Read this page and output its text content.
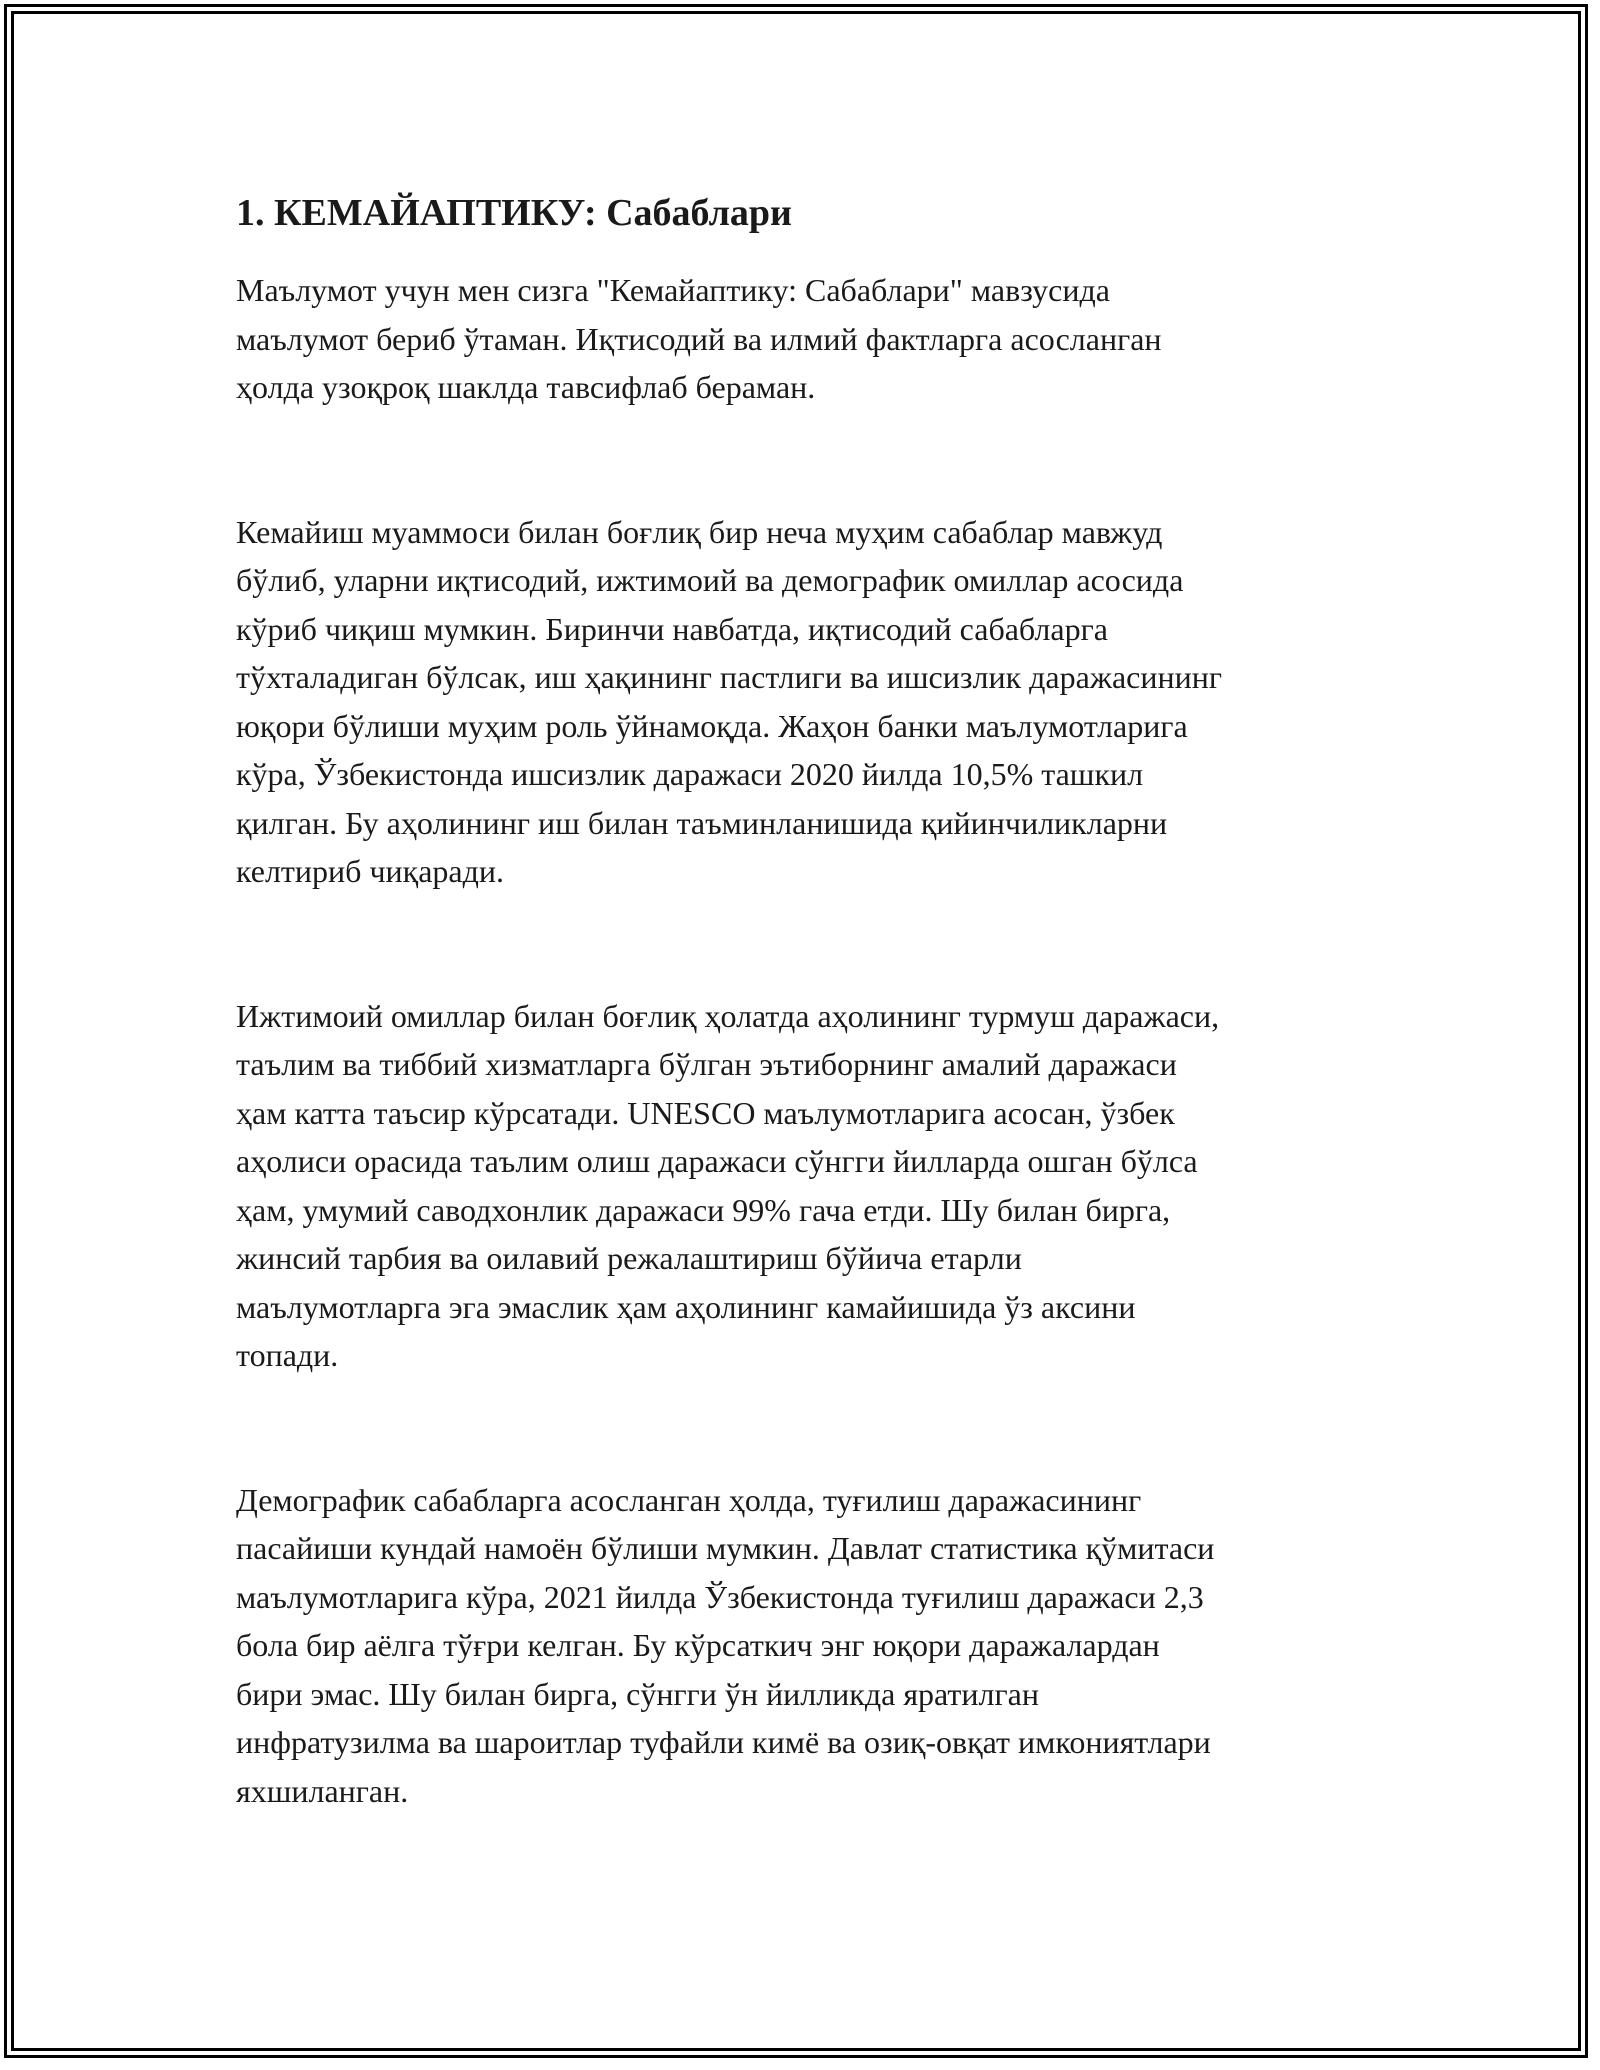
1. КЕМАЙАПТИКУ: Сабаблари

Маълумот учун мен сизга "Кемайаптику: Сабаблари" мавзусида
маълумот бериб ўтаман. Иқтисодий ва илмий фактларга асосланган
ҳолда узоқроқ шаклда тавсифлаб бераман.

Кемайиш муаммоси билан боғлиқ бир неча муҳим сабаблар мавжуд
бўлиб, уларни иқтисодий, ижтимоий ва демографик омиллар асосида
кўриб чиқиш мумкин. Биринчи навбатда, иқтисодий сабабларга
тўхталадиган бўлсак, иш ҳақининг пастлиги ва ишсизлик даражасининг
юқори бўлиши муҳим роль ўйнамоқда. Жаҳон банки маълумотларига
кўра, Ўзбекистонда ишсизлик даражаси 2020 йилда 10,5% ташкил
қилган. Бу аҳолининг иш билан таъминланишида қийинчиликларни
келтириб чиқаради.

Ижтимоий омиллар билан боғлиқ ҳолатда аҳолининг турмуш даражаси,
таълим ва тиббий хизматларга бўлган эътиборнинг амалий даражаси
ҳам катта таъсир кўрсатади. UNESCO маълумотларига асосан, ўзбек
аҳолиси орасида таълим олиш даражаси сўнгги йилларда ошган бўлса
ҳам, умумий саводхонлик даражаси 99% гача етди. Шу билан бирга,
жинсий тарбия ва оилавий режалаштириш бўйича етарли
маълумотларга эга эмаслик ҳам аҳолининг камайишида ўз аксини
топади.

Демографик сабабларга асосланган ҳолда, туғилиш даражасининг
пасайиши кундай намоён бўлиши мумкин. Давлат статистика қўмитаси
маълумотларига кўра, 2021 йилда Ўзбекистонда туғилиш даражаси 2,3
бола бир аёлга тўғри келган. Бу кўрсаткич энг юқори даражалардан
бири эмас. Шу билан бирга, сўнгги ўн йилликда яратилган
инфратузилма ва шароитлар туфайли кимё ва озиқ-овқат имкониятлари
яхшиланган.
